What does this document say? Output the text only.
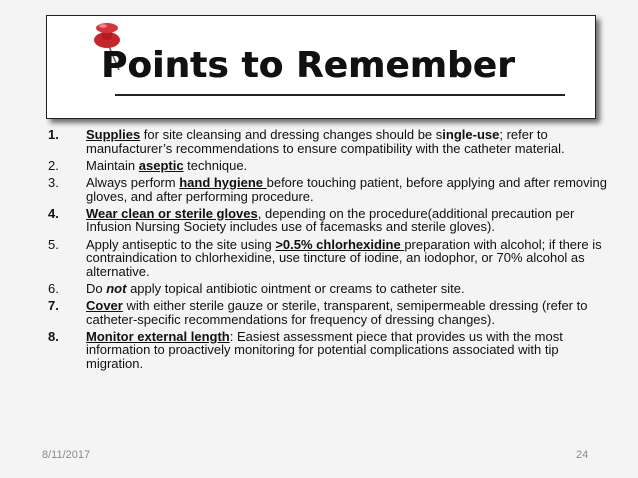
Points to Remember
1. Supplies for site cleansing and dressing changes should be single-use; refer to manufacturer’s recommendations to ensure compatibility with the catheter material.
2. Maintain aseptic technique.
3. Always perform hand hygiene before touching patient, before applying and after removing gloves, and after performing procedure.
4. Wear clean or sterile gloves, depending on the procedure(additional precaution per Infusion Nursing Society includes use of facemasks and sterile gloves).
5. Apply antiseptic to the site using >0.5% chlorhexidine preparation with alcohol; if there is contraindication to chlorhexidine, use tincture of iodine, an iodophor, or 70% alcohol as alternative.
6. Do not apply topical antibiotic ointment or creams to catheter site.
7. Cover with either sterile gauze or sterile, transparent, semipermeable dressing (refer to catheter-specific recommendations for frequency of dressing changes).
8. Monitor external length: Easiest assessment piece that provides us with the most information to proactively monitoring for potential complications associated with tip migration.
8/11/2017	24
